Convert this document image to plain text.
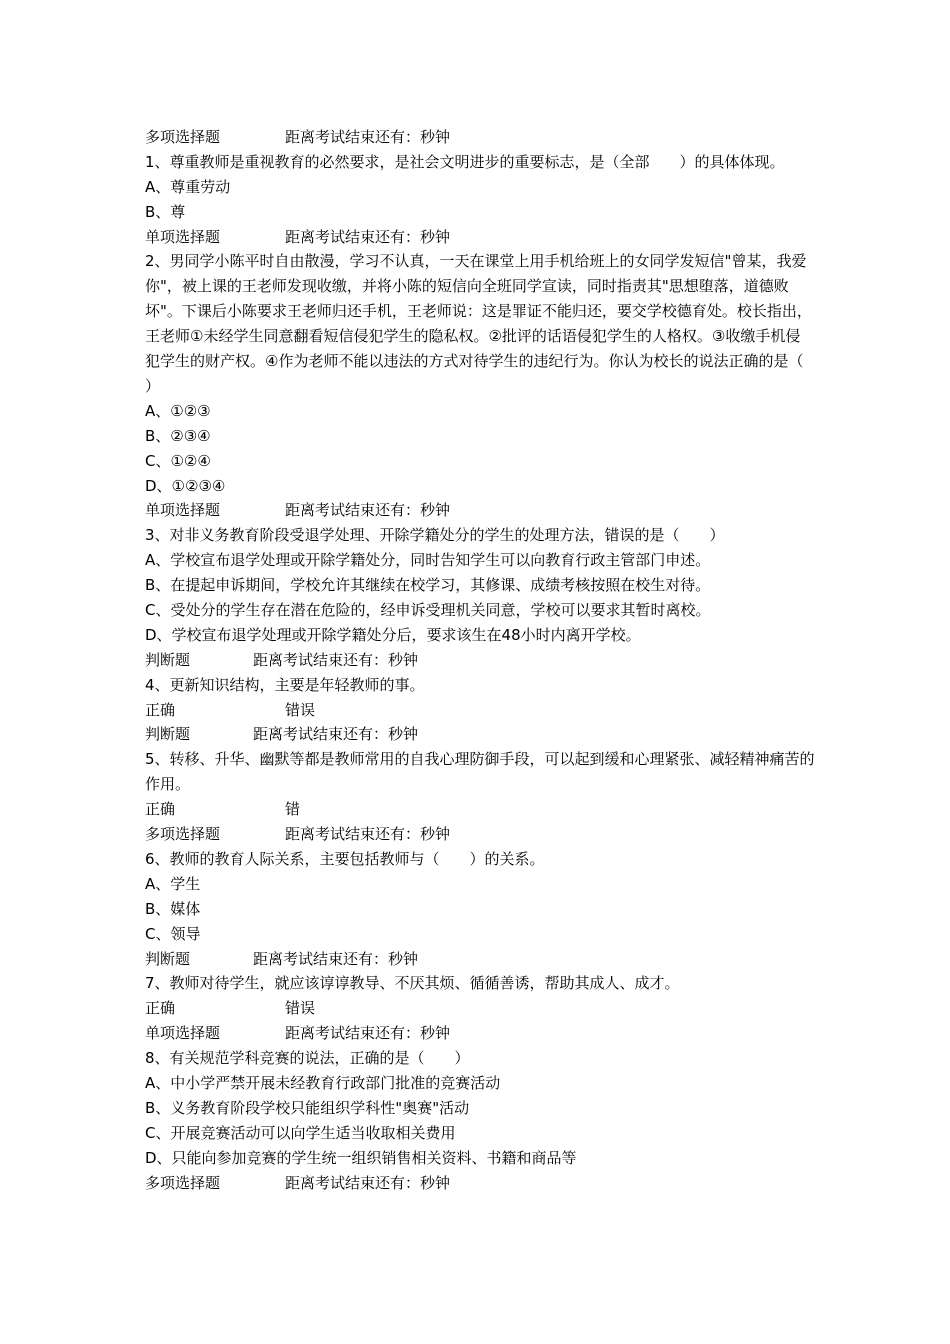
多项选择题	距离考试结束还有：秒钟
1、尊重教师是重视教育的必然要求，是社会文明进步的重要标志，是（全部　　）的具体体现。
A、尊重劳动
B、尊
单项选择题	距离考试结束还有：秒钟
2、男同学小陈平时自由散漫，学习不认真，一天在课堂上用手机给班上的女同学发短信"曾某，我爱你"，被上课的王老师发现收缴，并将小陈的短信向全班同学宣读，同时指责其"思想堕落，道德败坏"。下课后小陈要求王老师归还手机，王老师说：这是罪证不能归还，要交学校德育处。校长指出，王老师①未经学生同意翻看短信侵犯学生的隐私权。②批评的话语侵犯学生的人格权。③收缴手机侵犯学生的财产权。④作为老师不能以违法的方式对待学生的违纪行为。你认为校长的说法正确的是（　　）
A、①②③
B、②③④
C、①②④
D、①②③④
单项选择题	距离考试结束还有：秒钟
3、对非义务教育阶段受退学处理、开除学籍处分的学生的处理方法，错误的是（　　）
A、学校宣布退学处理或开除学籍处分，同时告知学生可以向教育行政主管部门申述。
B、在提起申诉期间，学校允许其继续在校学习，其修课、成绩考核按照在校生对待。
C、受处分的学生存在潜在危险的，经申诉受理机关同意，学校可以要求其暂时离校。
D、学校宣布退学处理或开除学籍处分后，要求该生在48小时内离开学校。
判断题	距离考试结束还有：秒钟
4、更新知识结构，主要是年轻教师的事。
正确	错误
判断题	距离考试结束还有：秒钟
5、转移、升华、幽默等都是教师常用的自我心理防御手段，可以起到缓和心理紧张、减轻精神痛苦的作用。
正确	错
多项选择题	距离考试结束还有：秒钟
6、教师的教育人际关系，主要包括教师与（　　）的关系。
A、学生
B、媒体
C、领导
判断题	距离考试结束还有：秒钟
7、教师对待学生，就应该谆谆教导、不厌其烦、循循善诱，帮助其成人、成才。
正确	错误
单项选择题	距离考试结束还有：秒钟
8、有关规范学科竞赛的说法，正确的是（　　）
A、中小学严禁开展未经教育行政部门批准的竞赛活动
B、义务教育阶段学校只能组织学科性"奥赛"活动
C、开展竞赛活动可以向学生适当收取相关费用
D、只能向参加竞赛的学生统一组织销售相关资料、书籍和商品等
多项选择题	距离考试结束还有：秒钟
